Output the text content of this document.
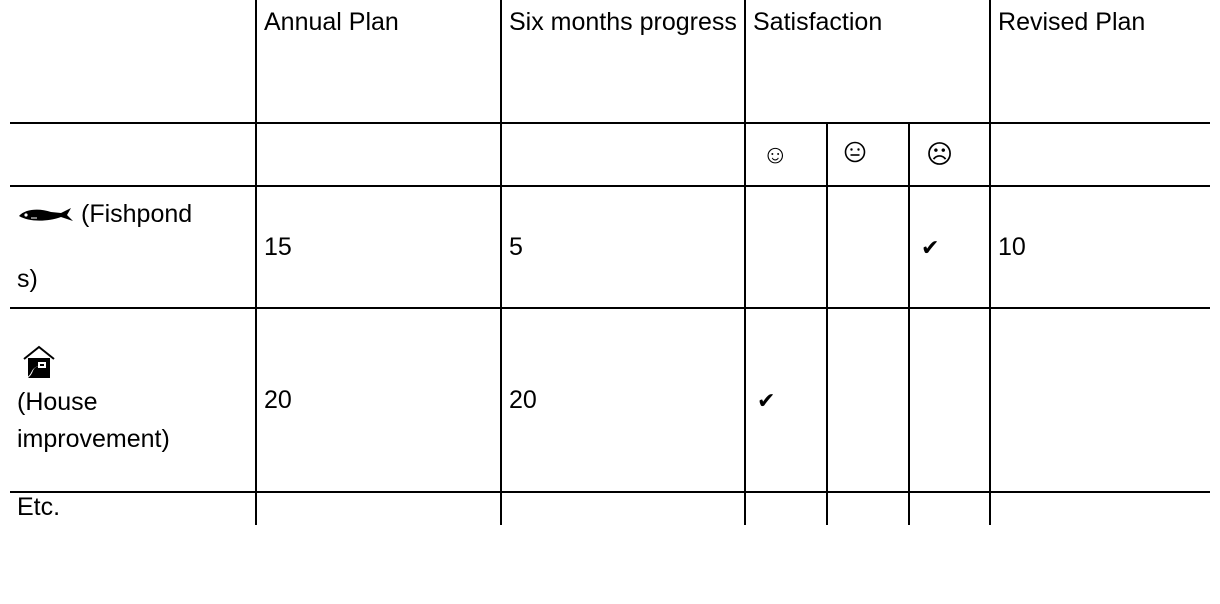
	Annual Plan	Six months progress	Satisfaction			Revised Plan

			☺		☹	

(Fishpond
s)	15	5			✔	10

(House
improvement)	20	20	✔			

Etc.						
